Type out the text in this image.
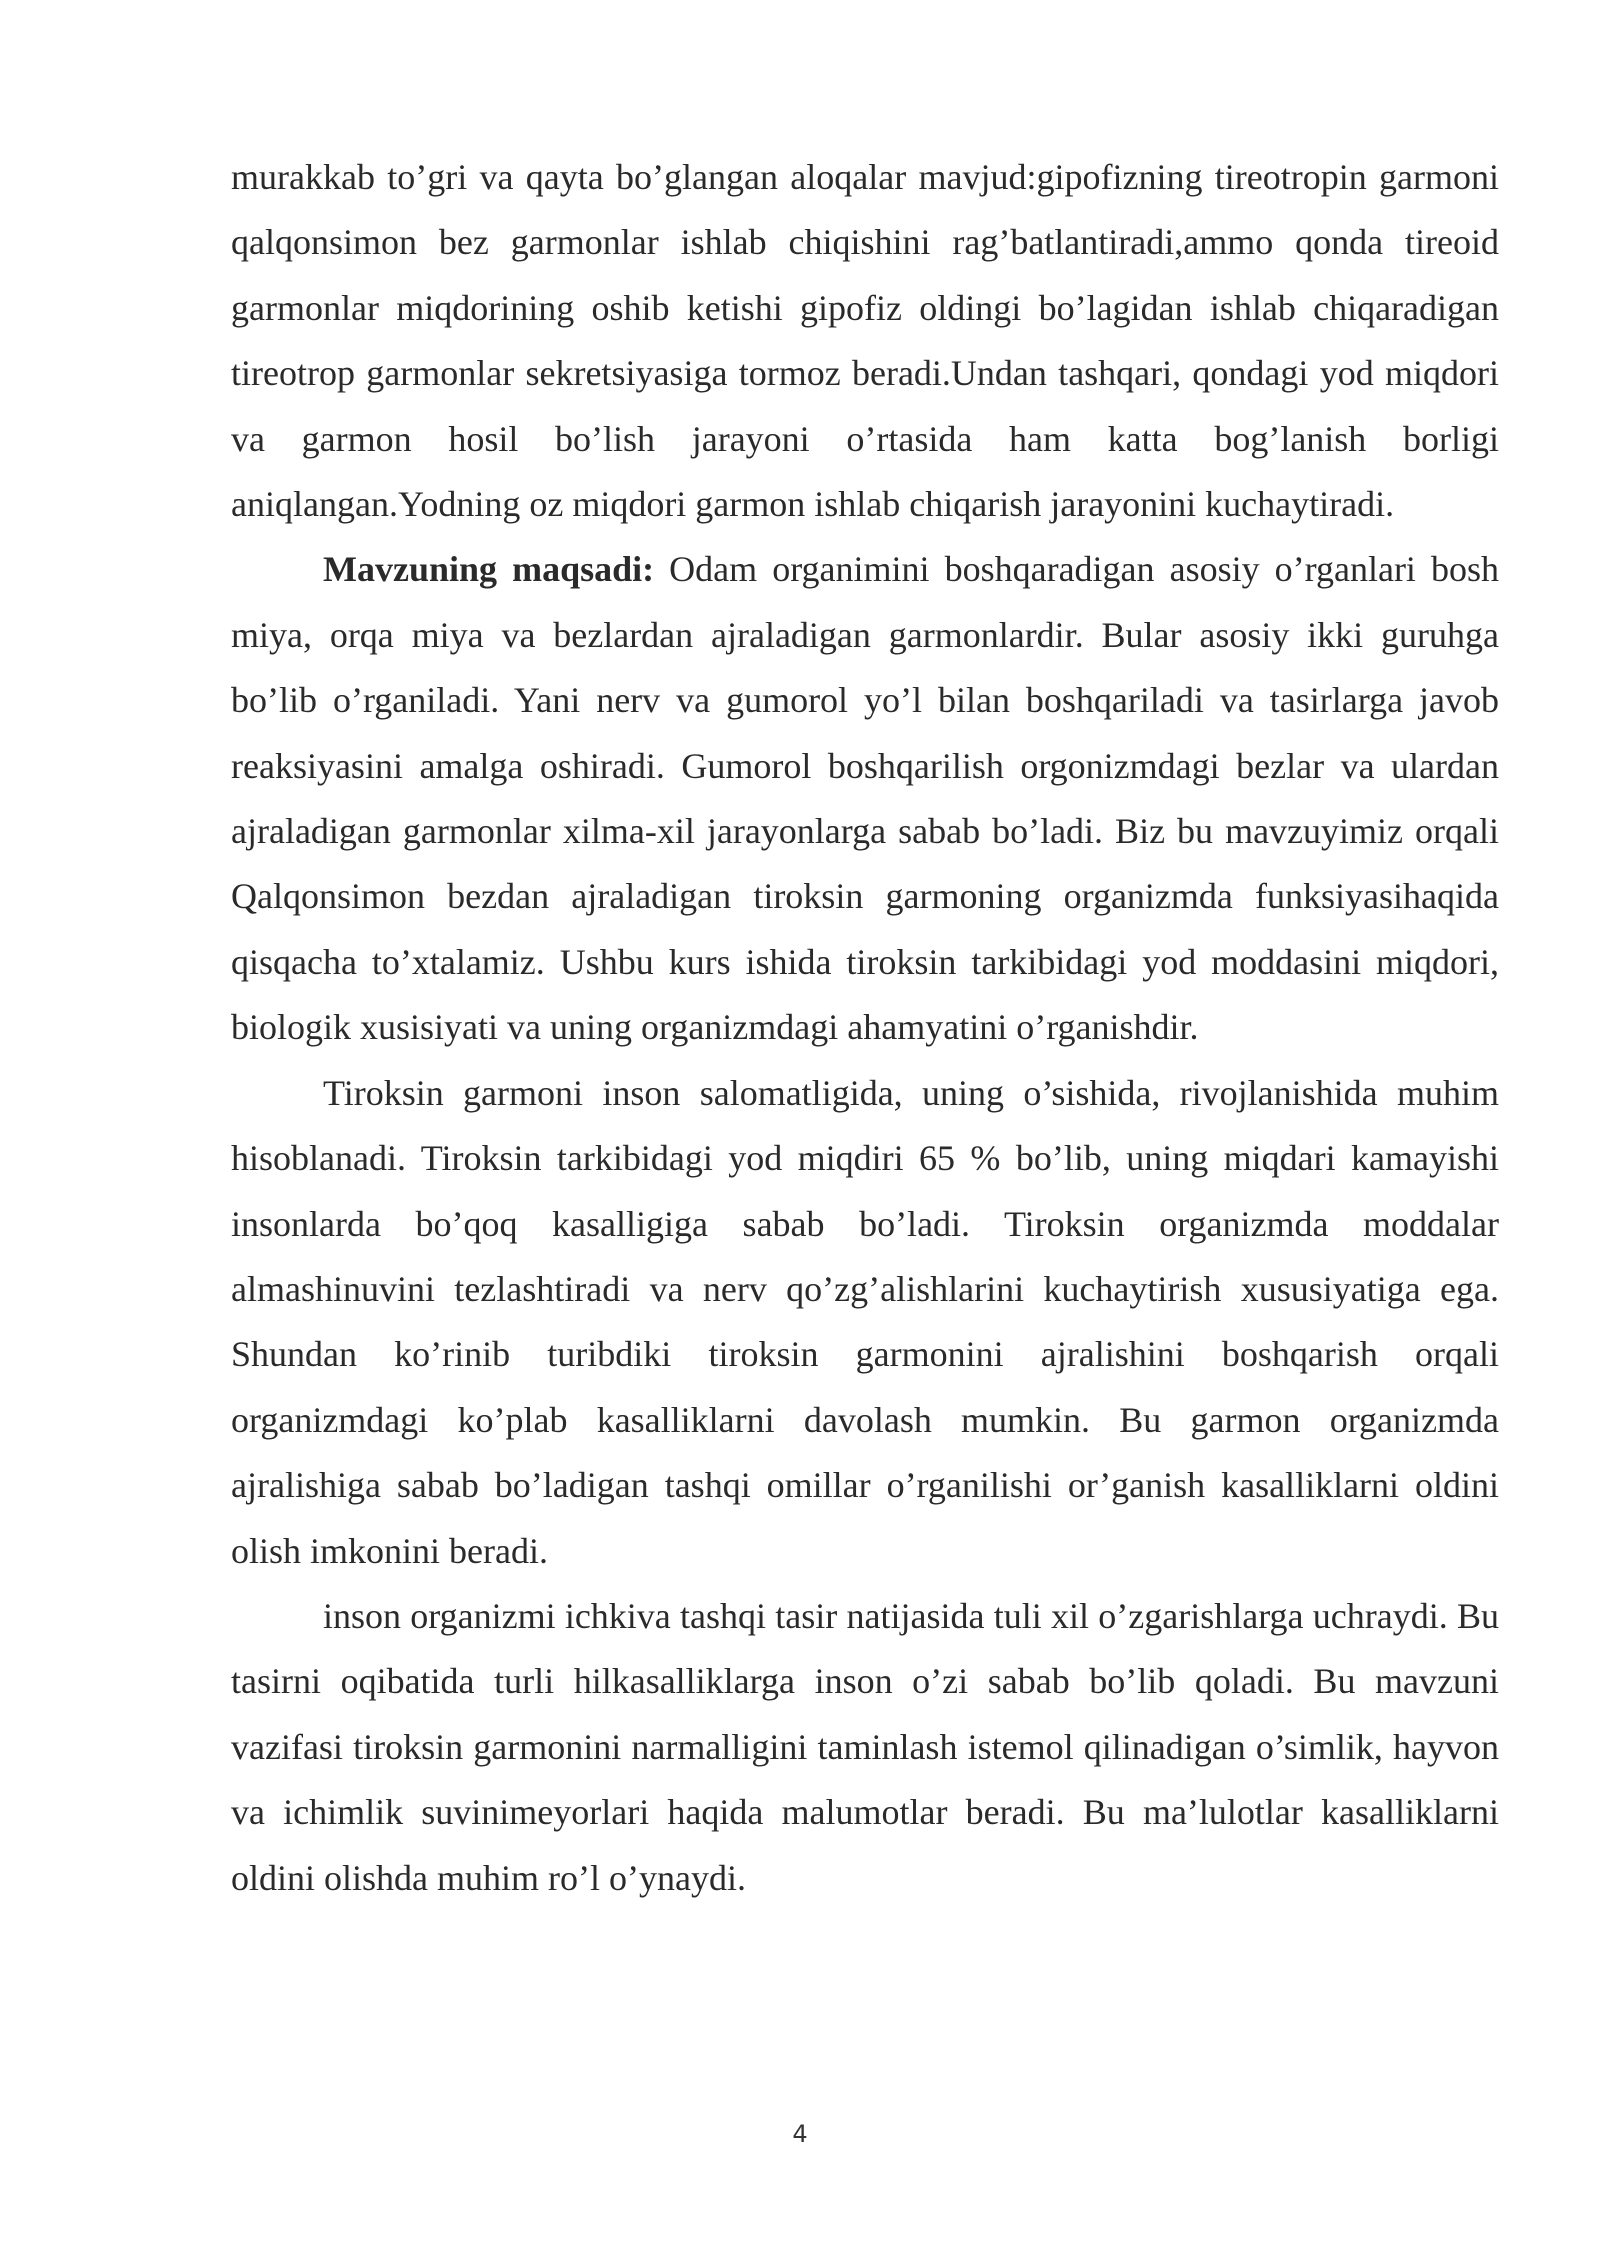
murakkab to’gri va qayta bo’glangan aloqalar mavjud:gipofizning tireotropin garmoni qalqonsimon bez garmonlar ishlab chiqishini rag’batlantiradi,ammo qonda tireoid garmonlar miqdorining oshib ketishi gipofiz oldingi bo’lagidan ishlab chiqaradigan tireotrop garmonlar sekretsiyasiga tormoz beradi.Undan tashqari, qondagi yod miqdori va garmon hosil bo’lish jarayoni o’rtasida ham katta bog’lanish borligi aniqlangan.Yodning oz miqdori garmon ishlab chiqarish jarayonini kuchaytiradi.

Mavzuning maqsadi: Odam organimini boshqaradigan asosiy o’rganlari bosh miya, orqa miya va bezlardan ajraladigan garmonlardir. Bular asosiy ikki guruhga bo’lib o’rganiladi. Yani nerv va gumorol yo’l bilan boshqariladi va tasirlarga javob reaksiyasini amalga oshiradi. Gumorol boshqarilish orgonizmdagi bezlar va ulardan ajraladigan garmonlar xilma-xil jarayonlarga sabab bo’ladi. Biz bu mavzuyimiz orqali Qalqonsimon bezdan ajraladigan tiroksin garmoning organizmda funksiyasihaqida qisqacha to’xtalamiz. Ushbu kurs ishida tiroksin tarkibidagi yod moddasini miqdori, biologik xusisiyati va uning organizmdagi ahamyatini o’rganishdir.

Tiroksin garmoni inson salomatligida, uning o’sishida, rivojlanishida muhim hisoblanadi. Tiroksin tarkibidagi yod miqdiri 65 % bo’lib, uning miqdari kamayishi insonlarda bo’qoq kasalligiga sabab bo’ladi. Tiroksin organizmda moddalar almashinuvini tezlashtiradi va nerv qo’zg’alishlarini kuchaytirish xususiyatiga ega. Shundan ko’rinib turibdiki tiroksin garmonini ajralishini boshqarish orqali organizmdagi ko’plab kasalliklarni davolash mumkin. Bu garmon organizmda ajralishiga sabab bo’ladigan tashqi omillar o’rganilishi or’ganish kasalliklarni oldini olish imkonini beradi.

inson organizmi ichkiva tashqi tasir natijasida tuli xil o’zgarishlarga uchraydi. Bu tasirni oqibatida turli hilkasalliklarga inson o’zi sabab bo’lib qoladi. Bu mavzuni vazifasi tiroksin garmonini narmalligini taminlash istemol qilinadigan o’simlik, hayvon va ichimlik suvinimeyorlari haqida malumotlar beradi. Bu ma’lulotlar kasalliklarni oldini olishda muhim ro’l o’ynaydi.

4
